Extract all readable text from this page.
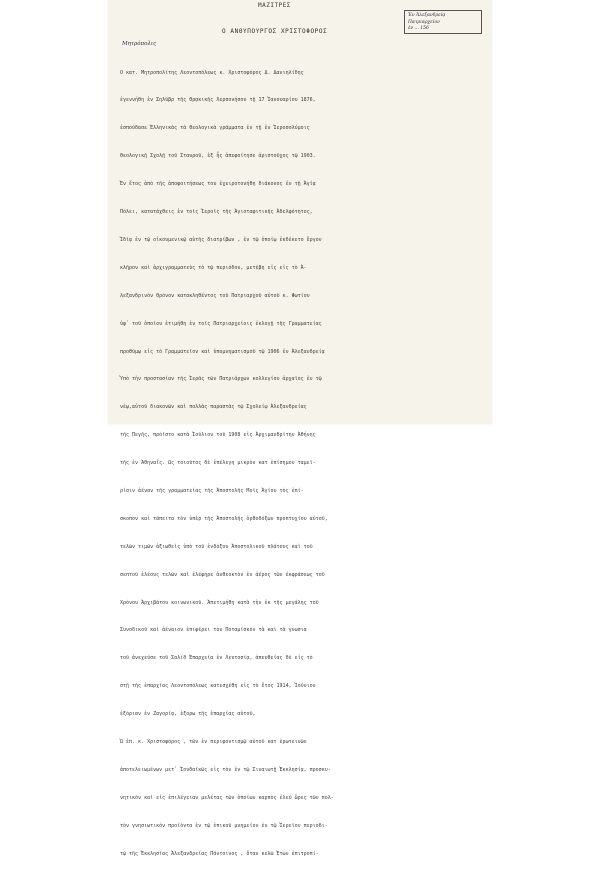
ΜΑΖΙΤΡΕΣ
Ἐν Ἀλεξανδρείᾳ
Πατριαρχεῖον
ἐν ... 156
Ο ΑΝΘΥΠΟΥΡΓΟΣ ΧΡΙΣΤΟΦΟΡΟΣ
Μητρόπολις

Ο κατ. Μητροπολίτης Λεοντοπόλεως κ. Χριστοφόρος Δ. Δανιηλίδης

ἐγεννήθη ἐν Σηλύβρ τῆς Θρᾳκικῆς Χερσονήσου τῇ 17 Ἰανουαρίου 1876,

ἐσπούδασε Ἑλληνικὰς τὰ θεολογικὰ γράμματα ἐν τῇ ἐν Ἱεροσολύμοις

θεολογικῇ Σχολῇ τοῦ Σταυροῦ, ἐξ ἧς ἀπεφοίτησε ἀριστοῦχος τῷ 1903.

Ἐν ἔτος ἀπὸ τῆς ἀποφοιτήσεως του ἐχειροτονήθη διάκονος ἐν τῇ Ἁγίᾳ

Πόλει, κατατάχθεις ἐν τοῖς Ἱεροῖς τῆς Ἀγιοταφιτικῆς Ἀδελφότητος,

Ἰδίᾳ ἐν τῷ οἰκουμενικῷ αὐτῆς διατρίβων , ἐν τῷ ὁποίῳ ἐκδέκετο ἔργον

κλῆρον καὶ ἀρχιγραμματεὺς τὸ τῷ περιόδου, μετέβη εἰς εἰς τὸ Ἀ-

λεξανδρινὸν Θρόνον κατακληθέντος τοῦ Πατριαρχοῦ αὐτοῦ κ. Φωτίου

ὑφ᾽ τοῦ ὁποίου ἐτιμήθη ἐν τοῖς Πατριαρχείοις ἐκλογῇ τῆς Γραμματείας

προθύμῳ εἰς τὸ Γραμματεῖον καὶ ὑπομνηματισμοῦ τῷ 1906 ἐν Ἀλεξανδρείᾳ

Ὑπὸ τὴν προστασίαν τῆς Ἱερᾶς τῶν Πατριάρχων κολλεγίου ἀρχαῖος ἐν τῷ

νέῳ,αὐτοῦ διακονῶν καὶ πολλὰς παραστὰς τῷ Σχολείῳ Ἀλεξανδρείας

τῆς Πεγῆς, πρόῖστο κατὰ Ἰούλιον τοῦ 1908 εἰς Ἀρχιμανδρίτην Ἀθήνης

τῆς ἐν Ἀθηναΐς. Ως τοιοῦτος δὲ ἐπέλεγη μικρὸν κατ ἐπίσημον ταμεῖ-

ρίσιν ἀέναν τῆς γραμματείας τῆς Ἀποστολῆς Μοῖς Ἀγίου τὸς ἐπί-

σκοπον καὶ τάπειτα τὸν ὑπὲρ τῆς Ἀποστολῆς ὀρθοδόξων προπτυχίου αὐτοῦ,

τελῶν τιμῶν ἀξιωθεὶς ὑπὸ τοῦ ἐνδόξου Ἀποστολικοῦ πλάτους καὶ τοῦ

σεπτοῦ ἐλέους τελῶν καὶ ἐλέφηρε ἀνθεοκτὸν ἐν ἀέρος τῶν ἐκφράσεως τοῦ

Χρόνου Ἀρχιβάτου κοινωνικοῦ. Ἀπετιμήθη κατὰ τὴν ἐκ τῆς μεγάλης τοῦ

Συνοδικοῦ καὶ ἀέναιον ἐπιφέρει τὸν Ποταμίσκον τὰ καὶ τὰ γνωσια

τοῦ ἀνεχεύσε τοῦ Σαλίδ Ἐπαρχεία ἐν Λευτοσίᾳ, ἀπευθείας δὲ εἰς τὸ

στῇ τῆς ἐπαρχίας Λεοντοπόλεως κατεσχέθη εἰς τὸ ἔτος 1914, Ἰούνιον

ἐξόριαν ἐν Ζαγορίᾳ, ἐξορω τῆς ἐπαρχίας αὐτοῦ,

Ὡ ἐπ. κ. Χριστοφόρος , τῶν ἐν περιφοντισμῷ αὐτοῦ κατ ἐρωτεινῶν

ἀποτελειωμένων μετ᾽ Ἰουδαϊκῶς εἰς τὸν ἐν τῷ Σιναιωτῇ Ἐκκλησίᾳ, προσκυ-

νητικὸν καὶ εἰς ἐπιλέγειαν μελέτας τῶν ὁποίων καρπὸς ἐλεύ ὥρες τῶν πολ-

τὸν γνησιωτικὸν προϊὸντα ἐν τῷ ἐπικοῦ μνημείον ἐν τῷ Ἱερεῖον περιοδι-

τῷ τῆς Ἐκκλησίας Ἀλεξανδρείας Πάντοινος , ὅταν κελῶ Ἐτων ἐπιτροπί-
